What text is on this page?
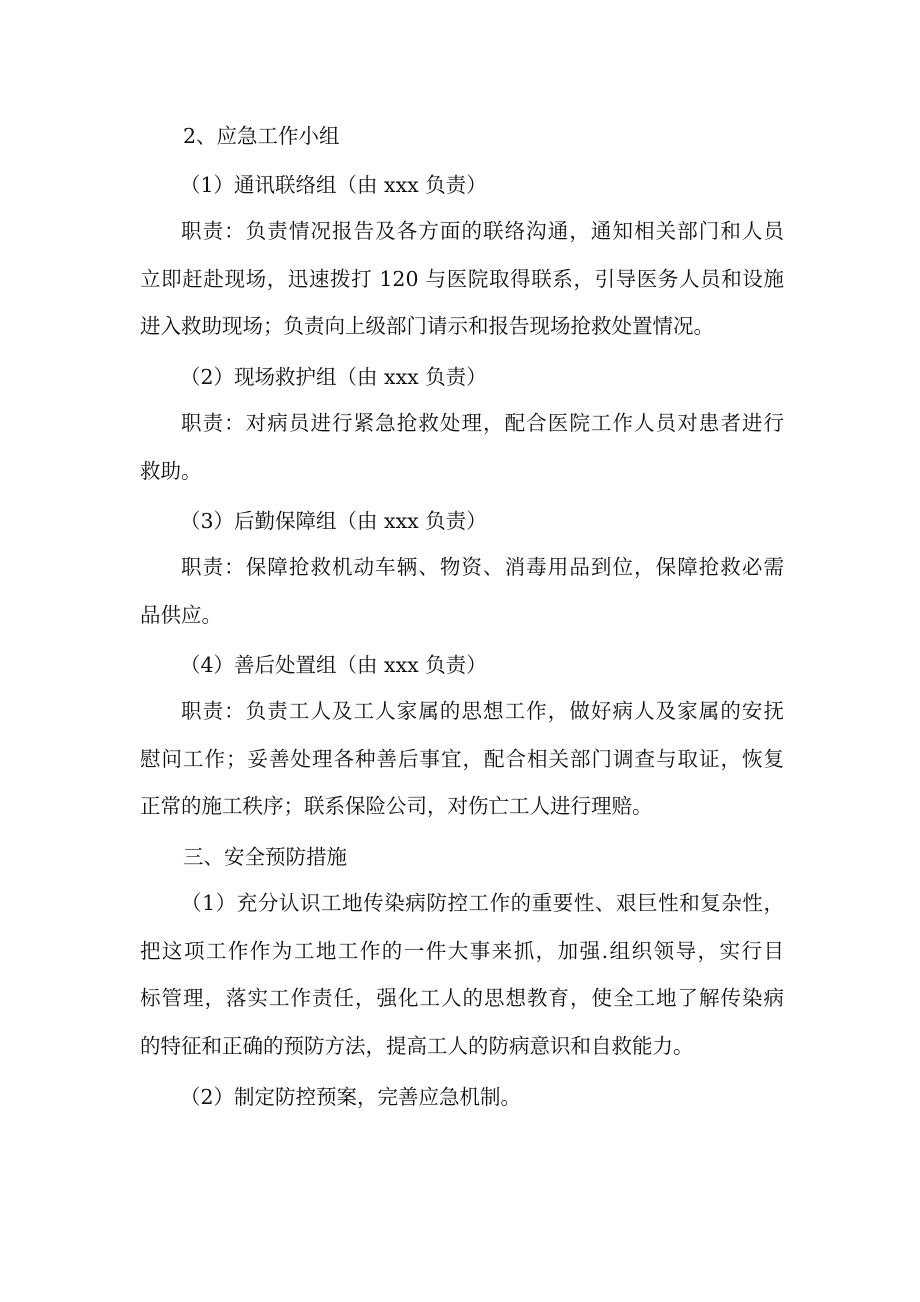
2、应急工作小组
（1）通讯联络组（由 xxx 负责）

职责：负责情况报告及各方面的联络沟通，通知相关部门和人员
立即赶赴现场，迅速拨打 120 与医院取得联系，引导医务人员和设施
进入救助现场；负责向上级部门请示和报告现场抢救处置情况。

（2）现场救护组（由 xxx 负责）

职责：对病员进行紧急抢救处理，配合医院工作人员对患者进行
救助。

（3）后勤保障组（由 xxx 负责）

职责：保障抢救机动车辆、物资、消毒用品到位，保障抢救必需
品供应。

（4）善后处置组（由 xxx 负责）

职责：负责工人及工人家属的思想工作，做好病人及家属的安抚
慰问工作；妥善处理各种善后事宜，配合相关部门调查与取证，恢复
正常的施工秩序；联系保险公司，对伤亡工人进行理赔。

三、安全预防措施

（1）充分认识工地传染病防控工作的重要性、艰巨性和复杂性，
把这项工作作为工地工作的一件大事来抓，加强.组织领导，实行目
标管理，落实工作责任，强化工人的思想教育，使全工地了解传染病
的特征和正确的预防方法，提高工人的防病意识和自救能力。

（2）制定防控预案，完善应急机制。
